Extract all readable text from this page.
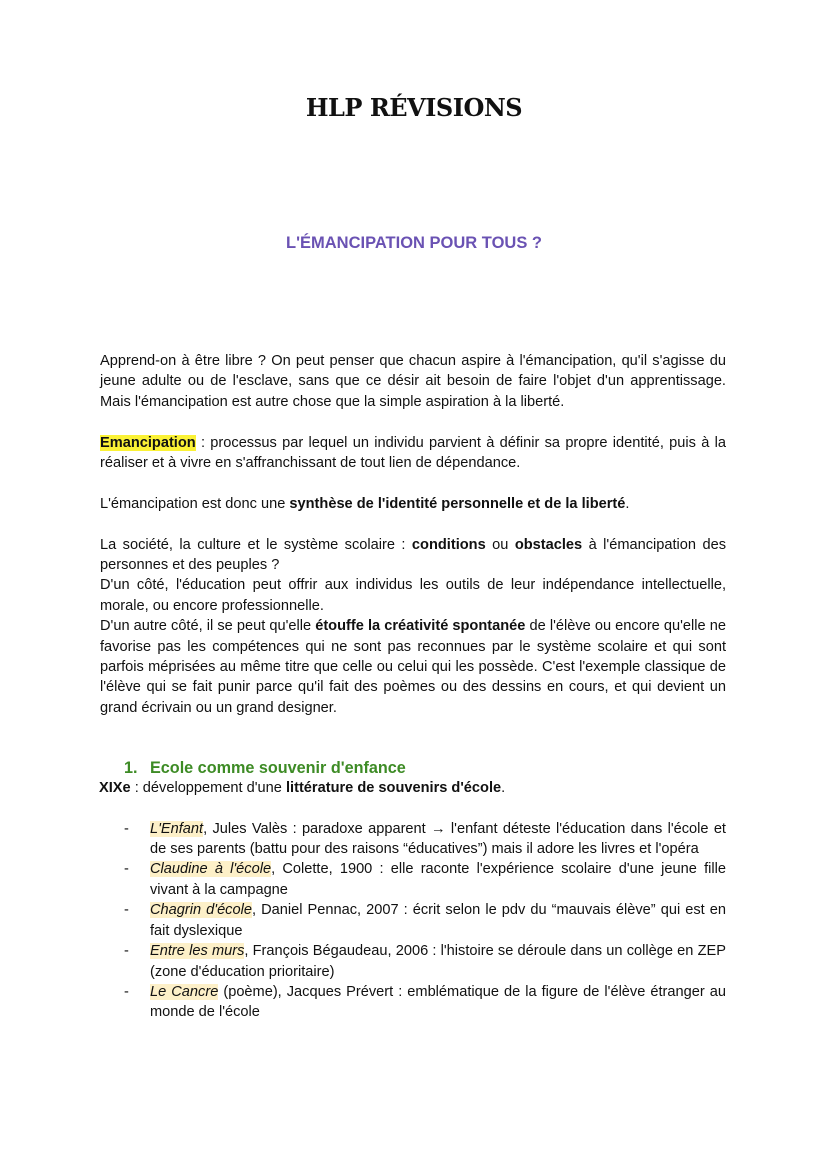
HLP RÉVISIONS
L'ÉMANCIPATION POUR TOUS ?

Apprend-on à être libre ? On peut penser que chacun aspire à l'émancipation, qu'il s'agisse du jeune adulte ou de l'esclave, sans que ce désir ait besoin de faire l'objet d'un apprentissage. Mais l'émancipation est autre chose que la simple aspiration à la liberté.

Emancipation : processus par lequel un individu parvient à définir sa propre identité, puis à la réaliser et à vivre en s'affranchissant de tout lien de dépendance.

L'émancipation est donc une synthèse de l'identité personnelle et de la liberté.

La société, la culture et le système scolaire : conditions ou obstacles à l'émancipation des personnes et des peuples ?

D'un côté, l'éducation peut offrir aux individus les outils de leur indépendance intellectuelle, morale, ou encore professionnelle.

D'un autre côté, il se peut qu'elle étouffe la créativité spontanée de l'élève ou encore qu'elle ne favorise pas les compétences qui ne sont pas reconnues par le système scolaire et qui sont parfois méprisées au même titre que celle ou celui qui les possède. C'est l'exemple classique de l'élève qui se fait punir parce qu'il fait des poèmes ou des dessins en cours, et qui devient un grand écrivain ou un grand designer.

1. Ecole comme souvenir d'enfance
XIXe : développement d'une littérature de souvenirs d'école.
- L'Enfant, Jules Valès : paradoxe apparent → l'enfant déteste l'éducation dans l'école et de ses parents (battu pour des raisons “éducatives”) mais il adore les livres et l'opéra
- Claudine à l'école, Colette, 1900 : elle raconte l'expérience scolaire d'une jeune fille vivant à la campagne
- Chagrin d'école, Daniel Pennac, 2007 : écrit selon le pdv du “mauvais élève” qui est en fait dyslexique
- Entre les murs, François Bégaudeau, 2006 : l'histoire se déroule dans un collège en ZEP (zone d'éducation prioritaire)
- Le Cancre (poème), Jacques Prévert : emblématique de la figure de l'élève étranger au monde de l'école
